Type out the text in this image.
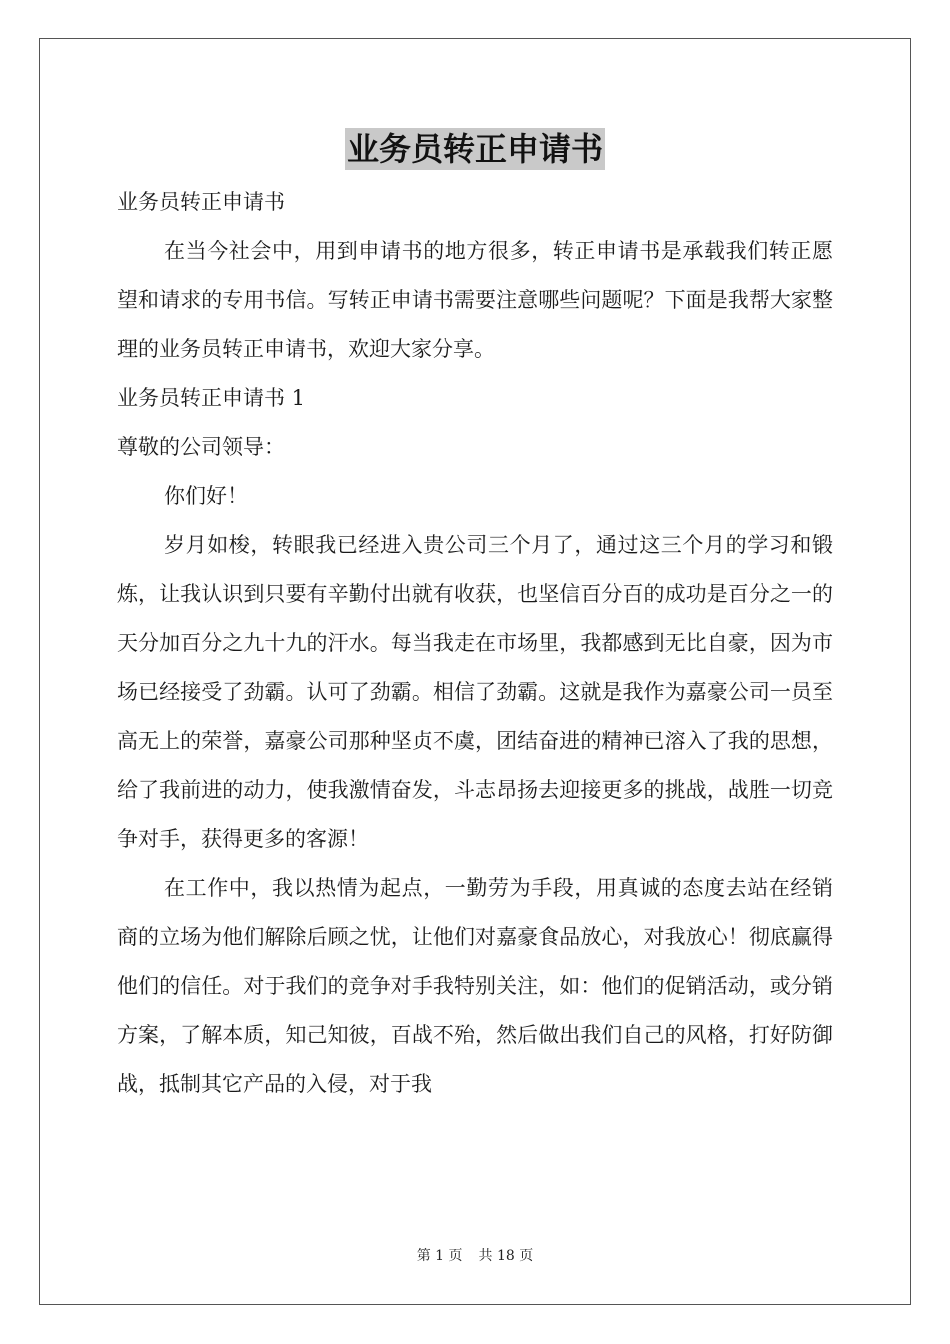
业务员转正申请书

业务员转正申请书

在当今社会中，用到申请书的地方很多，转正申请书是承载我们转正愿望和请求的专用书信。写转正申请书需要注意哪些问题呢？下面是我帮大家整理的业务员转正申请书，欢迎大家分享。

业务员转正申请书 1

尊敬的公司领导：

你们好！

岁月如梭，转眼我已经进入贵公司三个月了，通过这三个月的学习和锻炼，让我认识到只要有辛勤付出就有收获，也坚信百分百的成功是百分之一的天分加百分之九十九的汗水。每当我走在市场里，我都感到无比自豪，因为市场已经接受了劲霸。认可了劲霸。相信了劲霸。这就是我作为嘉豪公司一员至高无上的荣誉，嘉豪公司那种坚贞不虞，团结奋进的精神已溶入了我的思想，给了我前进的动力，使我激情奋发，斗志昂扬去迎接更多的挑战，战胜一切竞争对手，获得更多的客源！

在工作中，我以热情为起点，一勤劳为手段，用真诚的态度去站在经销商的立场为他们解除后顾之忧，让他们对嘉豪食品放心，对我放心！彻底赢得他们的信任。对于我们的竞争对手我特别关注，如：他们的促销活动，或分销方案，了解本质，知己知彼，百战不殆，然后做出我们自己的风格，打好防御战，抵制其它产品的入侵，对于我

第 1 页 共 18 页
